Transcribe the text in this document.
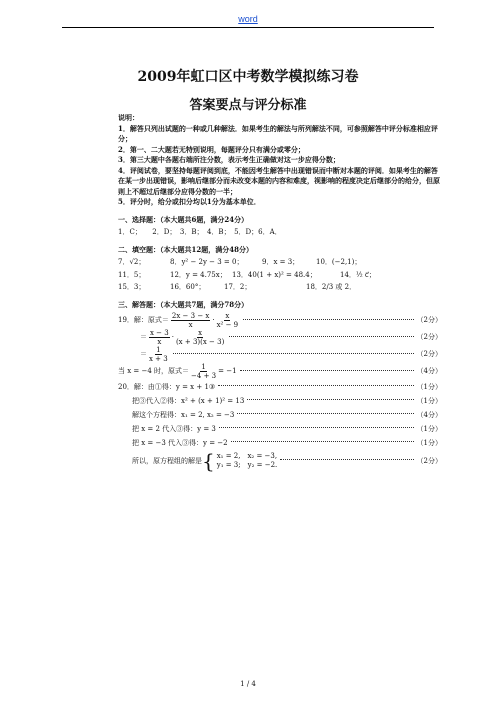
word
2009年虹口区中考数学模拟练习卷
答案要点与评分标准
说明：
1．解答只列出试题的一种或几种解法．如果考生的解法与所列解法不同，可参照解答中评分标准相应评分；
2．第一、二大题若无特别说明，每题评分只有满分或零分；
3．第三大题中各题右端所注分数，表示考生正确做对这一步应得分数；
4．评阅试卷，要坚持每题评阅到底，不能因考生解答中出现错误而中断对本题的评阅．如果考生的解答在某一步出现错误，影响后继部分而未改变本题的内容和难度，视影响的程度决定后继部分的给分，但原则上不超过后继部分应得分数的一半；
5．评分时，给分或扣分均以1分为基本单位．
一、选择题：（本大题共6题，满分24分）
1．C；　　2．D；　3．B；　4．B；　5．D；6．A．
二、填空题：（本大题共12题，满分48分）
7．√2；	8．y² − 2y − 3 = 0；	9．x = 3；	10．(−2,1)；
11．5；	12．y = 4.75x； 13．40(1 + x)² = 48.4；	14．½ c⃗；
15．3；	16．60°；	17．2；	18．2/3 或 2．
三、解答题：（本大题共7题，满分78分）
19．解：原式＝ $\frac{2x - 3 - x}{x} \cdot \frac{x}{\text{x² − 9}}$	（2分）
＝ $\frac{x - 3}{x} \cdot \frac{x}{(x + 3)(x - 3)}$	（2分）
＝ $\frac{1}{x + 3}$	（2分）
当 x = −4 时，原式＝ $\frac{1}{-4 + 3} = -1$	（4分）
20．解：由①得：y = x + 1③	（1分）
把③代入②得：x² + (x + 1)² = 13	（1分）
解这个方程得：x₁ = 2, x₂ = −3	（4分）
把 x = 2 代入③得：y = 3	（1分）
把 x = −3 代入③得：y = −2	（1分）
所以，原方程组的解是 { x₁ = 2,　x₂ = −3,
y₁ = 3;　y₂ = −2.
（2分）
1 / 4
